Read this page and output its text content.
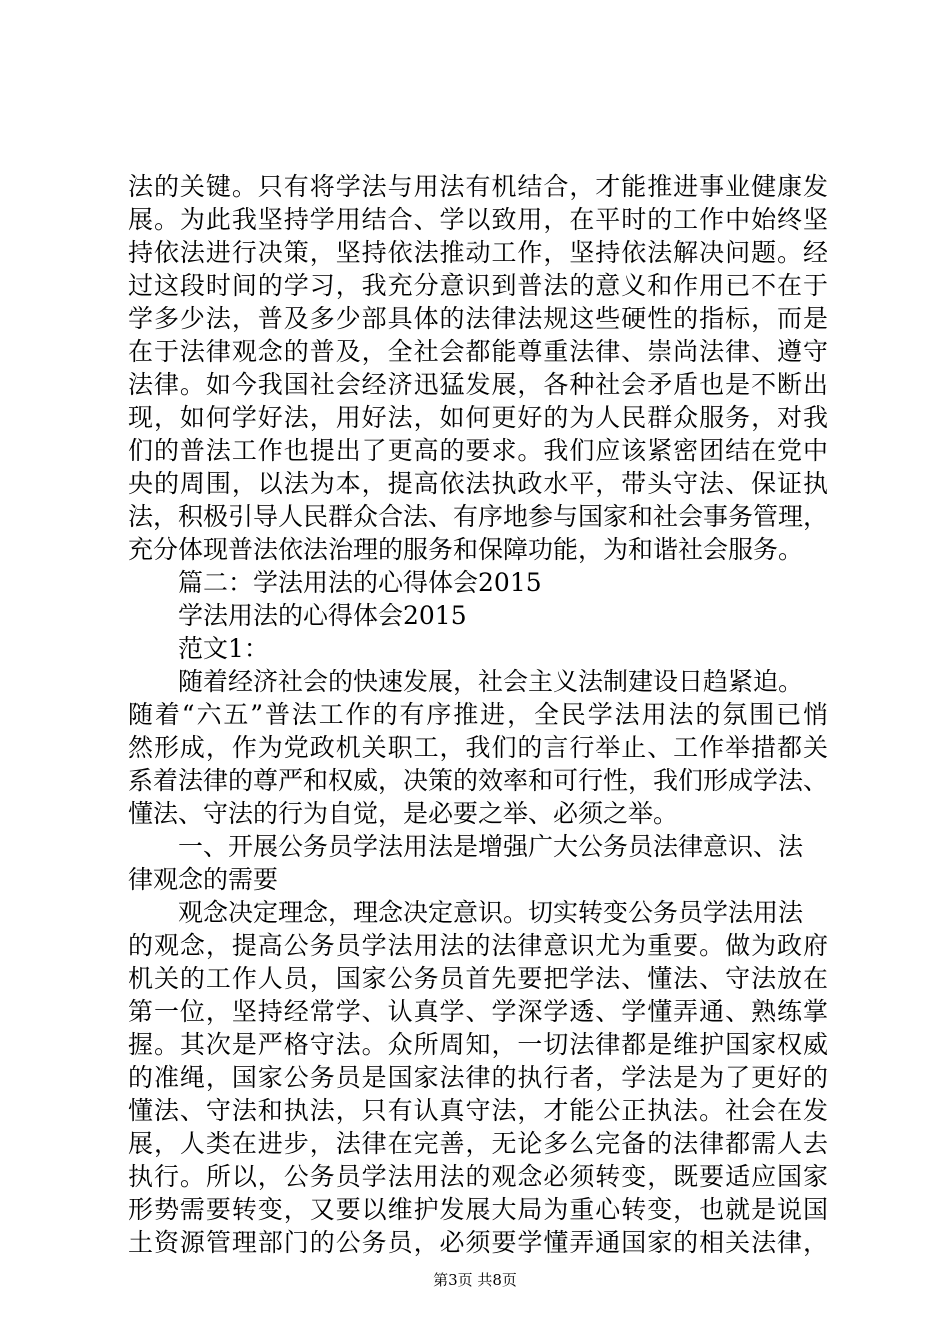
法的关键。只有将学法与用法有机结合，才能推进事业健康发
展。为此我坚持学用结合、学以致用，在平时的工作中始终坚
持依法进行决策，坚持依法推动工作，坚持依法解决问题。经
过这段时间的学习，我充分意识到普法的意义和作用已不在于
学多少法，普及多少部具体的法律法规这些硬性的指标，而是
在于法律观念的普及，全社会都能尊重法律、崇尚法律、遵守
法律。如今我国社会经济迅猛发展，各种社会矛盾也是不断出
现，如何学好法，用好法，如何更好的为人民群众服务，对我
们的普法工作也提出了更高的要求。我们应该紧密团结在党中
央的周围，以法为本，提高依法执政水平，带头守法、保证执
法，积极引导人民群众合法、有序地参与国家和社会事务管理，
充分体现普法依法治理的服务和保障功能，为和谐社会服务。
篇二：学法用法的心得体会2015
学法用法的心得体会2015
范文1：
随着经济社会的快速发展，社会主义法制建设日趋紧迫。
随着“六五”普法工作的有序推进，全民学法用法的氛围已悄
然形成，作为党政机关职工，我们的言行举止、工作举措都关
系着法律的尊严和权威，决策的效率和可行性，我们形成学法、
懂法、守法的行为自觉，是必要之举、必须之举。
一、开展公务员学法用法是增强广大公务员法律意识、法
律观念的需要
观念决定理念，理念决定意识。切实转变公务员学法用法
的观念，提高公务员学法用法的法律意识尤为重要。做为政府
机关的工作人员，国家公务员首先要把学法、懂法、守法放在
第一位，坚持经常学、认真学、学深学透、学懂弄通、熟练掌
握。其次是严格守法。众所周知，一切法律都是维护国家权威
的准绳，国家公务员是国家法律的执行者，学法是为了更好的
懂法、守法和执法，只有认真守法，才能公正执法。社会在发
展，人类在进步，法律在完善，无论多么完备的法律都需人去
执行。所以，公务员学法用法的观念必须转变，既要适应国家
形势需要转变，又要以维护发展大局为重心转变，也就是说国
土资源管理部门的公务员，必须要学懂弄通国家的相关法律，
第3页 共8页
